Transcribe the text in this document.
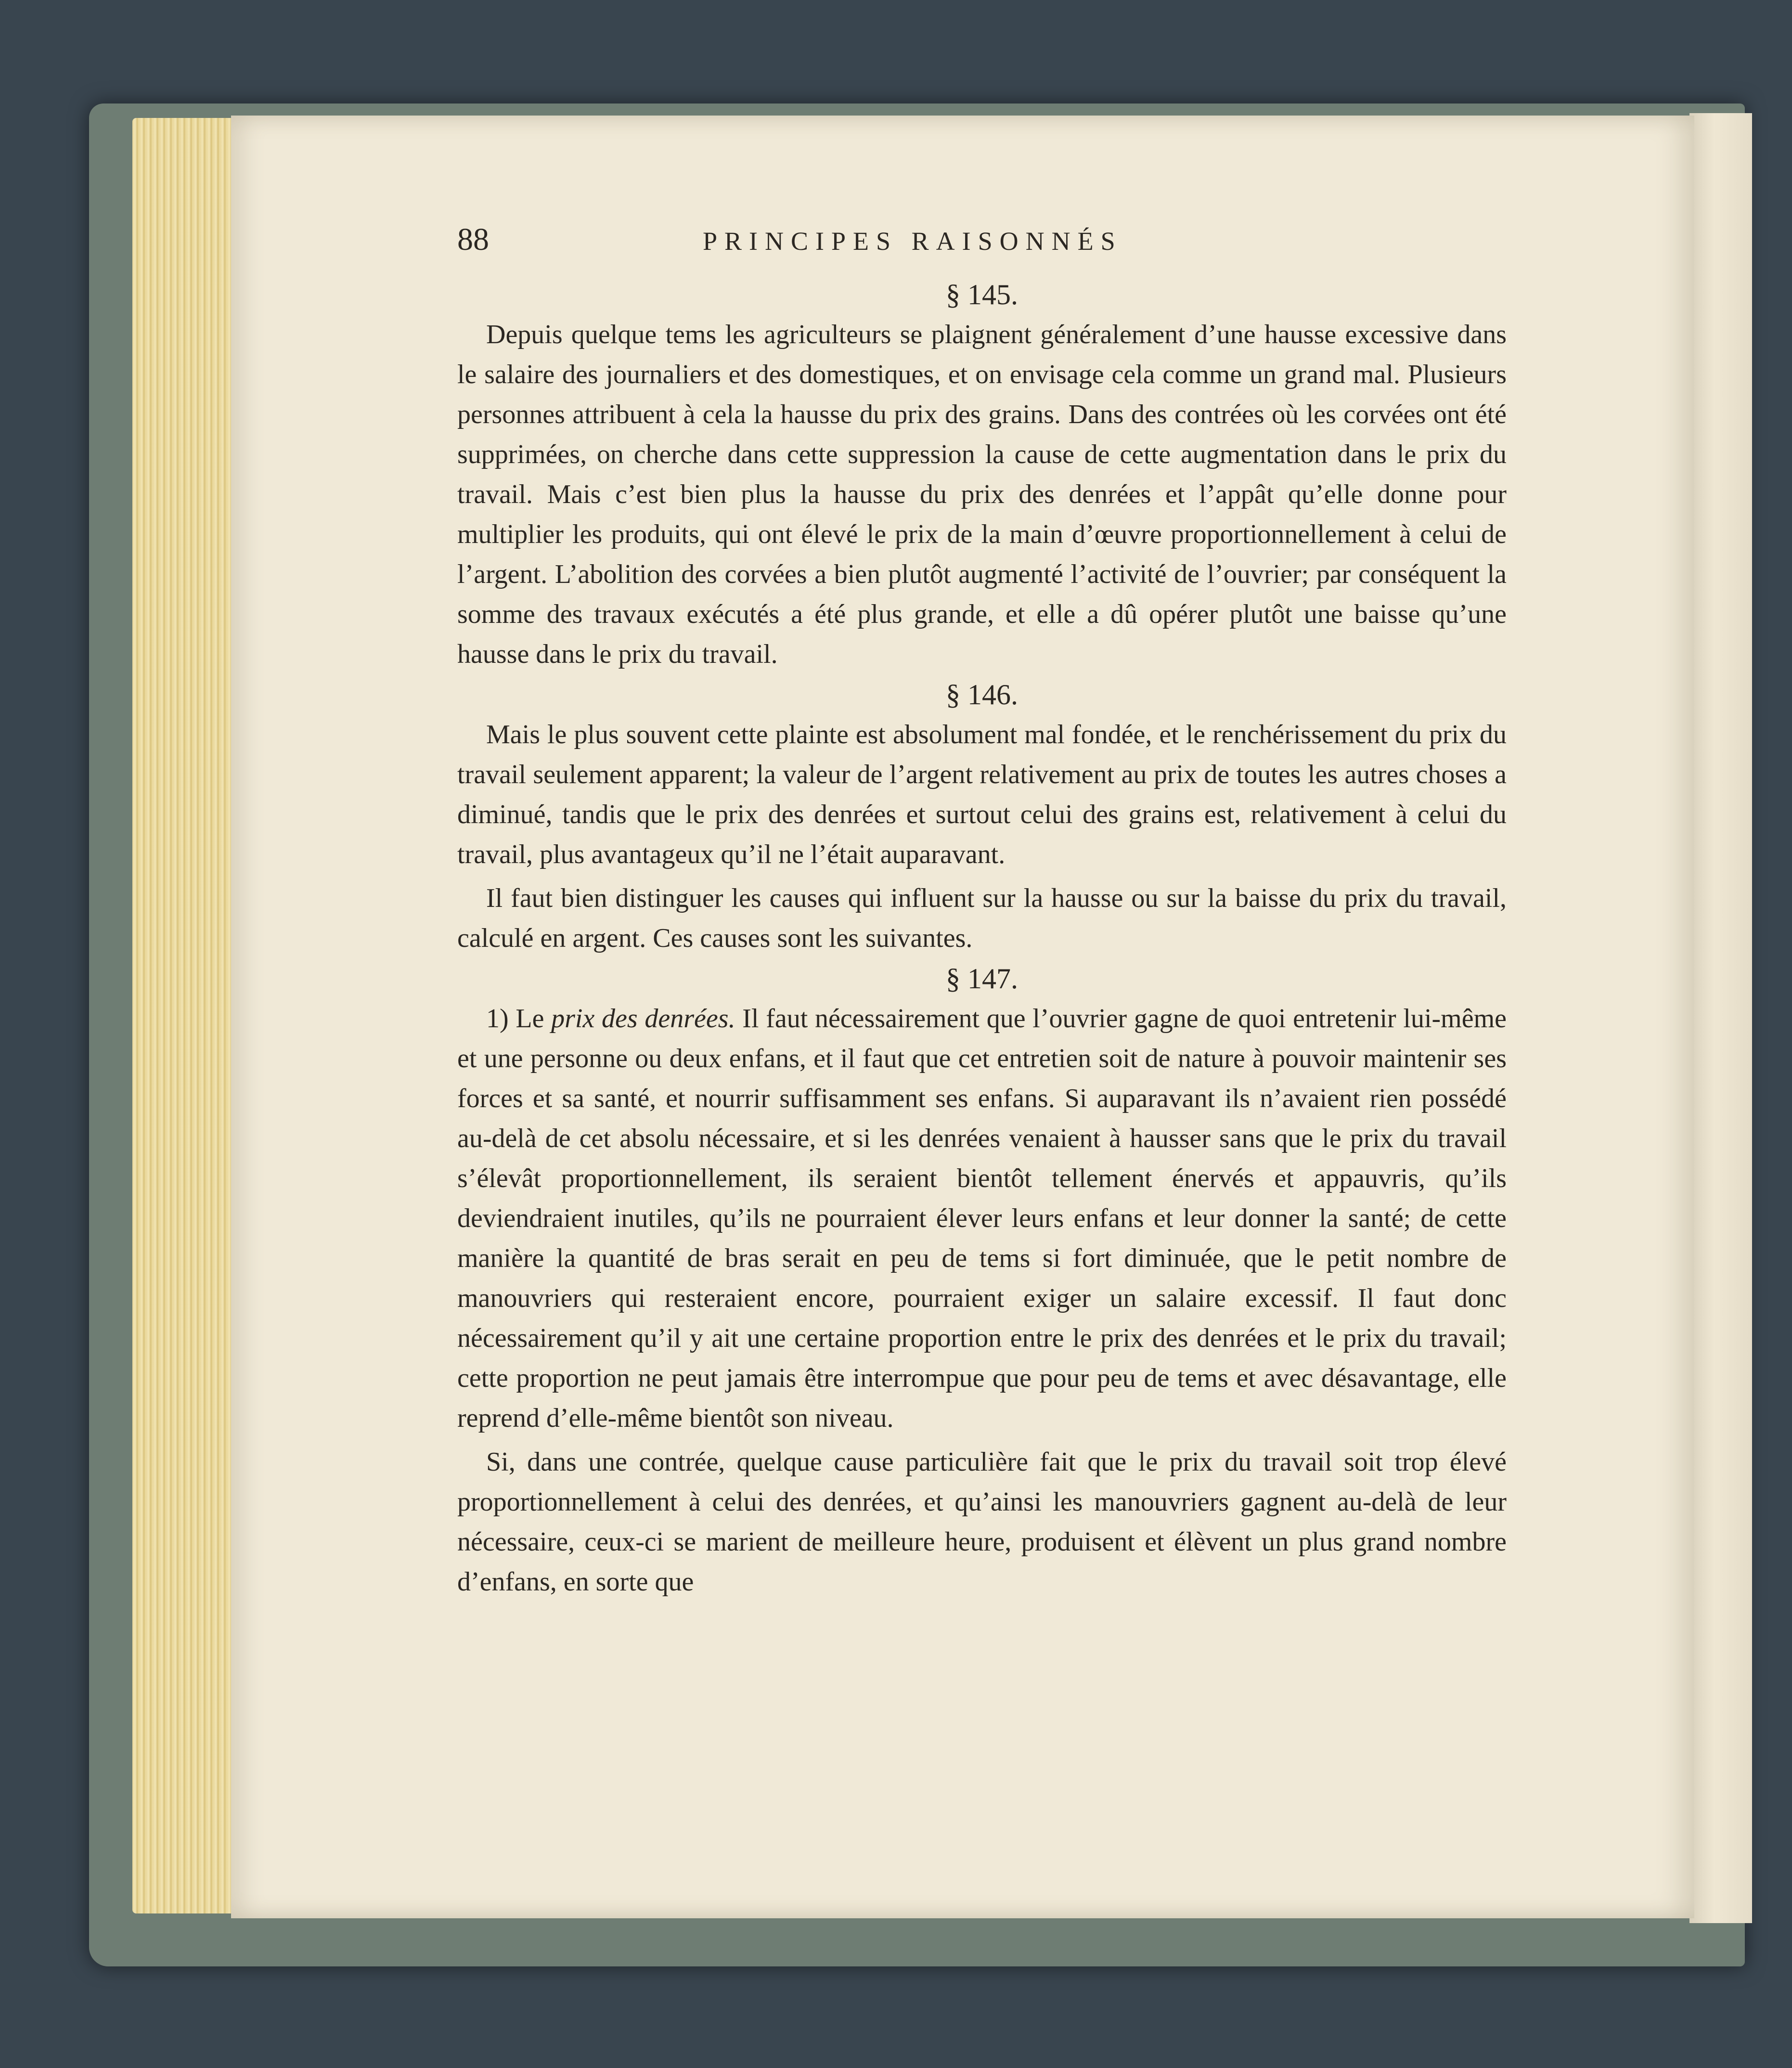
88	PRINCIPES RAISONNÉS
§ 145.

Depuis quelque tems les agriculteurs se plaignent généralement d’une hausse excessive dans le salaire des journaliers et des domestiques, et on envisage cela comme un grand mal. Plusieurs personnes attribuent à cela la hausse du prix des grains. Dans des contrées où les corvées ont été supprimées, on cherche dans cette suppression la cause de cette augmentation dans le prix du travail. Mais c’est bien plus la hausse du prix des denrées et l’appât qu’elle donne pour multiplier les produits, qui ont élevé le prix de la main d’œuvre proportionnellement à celui de l’argent. L’abolition des corvées a bien plutôt augmenté l’activité de l’ouvrier; par conséquent la somme des travaux exécutés a été plus grande, et elle a dû opérer plutôt une baisse qu’une hausse dans le prix du travail.

§ 146.

Mais le plus souvent cette plainte est absolument mal fondée, et le renchérissement du prix du travail seulement apparent; la valeur de l’argent relativement au prix de toutes les autres choses a diminué, tandis que le prix des denrées et surtout celui des grains est, relativement à celui du travail, plus avantageux qu’il ne l’était auparavant.

Il faut bien distinguer les causes qui influent sur la hausse ou sur la baisse du prix du travail, calculé en argent. Ces causes sont les suivantes.

§ 147.

1) Le prix des denrées. Il faut nécessairement que l’ouvrier gagne de quoi entretenir lui-même et une personne ou deux enfans, et il faut que cet entretien soit de nature à pouvoir maintenir ses forces et sa santé, et nourrir suffisamment ses enfans. Si auparavant ils n’avaient rien possédé au-delà de cet absolu nécessaire, et si les denrées venaient à hausser sans que le prix du travail s’élevât proportionnellement, ils seraient bientôt tellement énervés et appauvris, qu’ils deviendraient inutiles, qu’ils ne pourraient élever leurs enfans et leur donner la santé; de cette manière la quantité de bras serait en peu de tems si fort diminuée, que le petit nombre de manouvriers qui resteraient encore, pourraient exiger un salaire excessif. Il faut donc nécessairement qu’il y ait une certaine proportion entre le prix des denrées et le prix du travail; cette proportion ne peut jamais être interrompue que pour peu de tems et avec désavantage, elle reprend d’elle-même bientôt son niveau.

Si, dans une contrée, quelque cause particulière fait que le prix du travail soit trop élevé proportionnellement à celui des denrées, et qu’ainsi les manouvriers gagnent au-delà de leur nécessaire, ceux-ci se marient de meilleure heure, produisent et élèvent un plus grand nombre d’enfans, en sorte que
